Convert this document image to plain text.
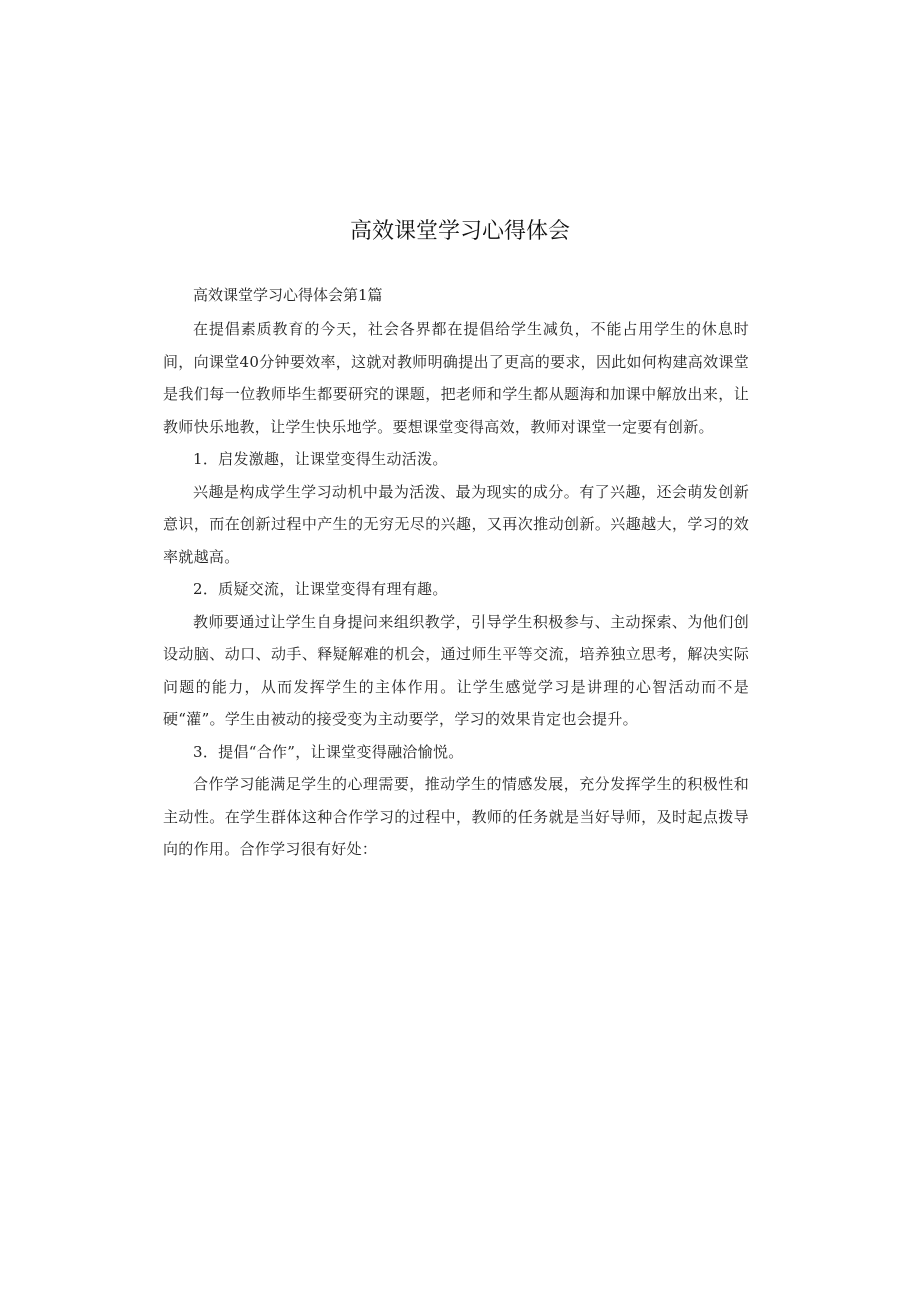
高效课堂学习心得体会

高效课堂学习心得体会第1篇

在提倡素质教育的今天，社会各界都在提倡给学生减负，不能占用学生的休息时间，向课堂40分钟要效率，这就对教师明确提出了更高的要求，因此如何构建高效课堂是我们每一位教师毕生都要研究的课题，把老师和学生都从题海和加课中解放出来，让教师快乐地教，让学生快乐地学。要想课堂变得高效，教师对课堂一定要有创新。

1．启发激趣，让课堂变得生动活泼。

兴趣是构成学生学习动机中最为活泼、最为现实的成分。有了兴趣，还会萌发创新意识，而在创新过程中产生的无穷无尽的兴趣，又再次推动创新。兴趣越大，学习的效率就越高。

2．质疑交流，让课堂变得有理有趣。

教师要通过让学生自身提问来组织教学，引导学生积极参与、主动探索、为他们创设动脑、动口、动手、释疑解难的机会，通过师生平等交流，培养独立思考，解决实际问题的能力，从而发挥学生的主体作用。让学生感觉学习是讲理的心智活动而不是硬“灌”。学生由被动的接受变为主动要学，学习的效果肯定也会提升。

3．提倡“合作”，让课堂变得融洽愉悦。

合作学习能满足学生的心理需要，推动学生的情感发展，充分发挥学生的积极性和主动性。在学生群体这种合作学习的过程中，教师的任务就是当好导师，及时起点拨导向的作用。合作学习很有好处：
